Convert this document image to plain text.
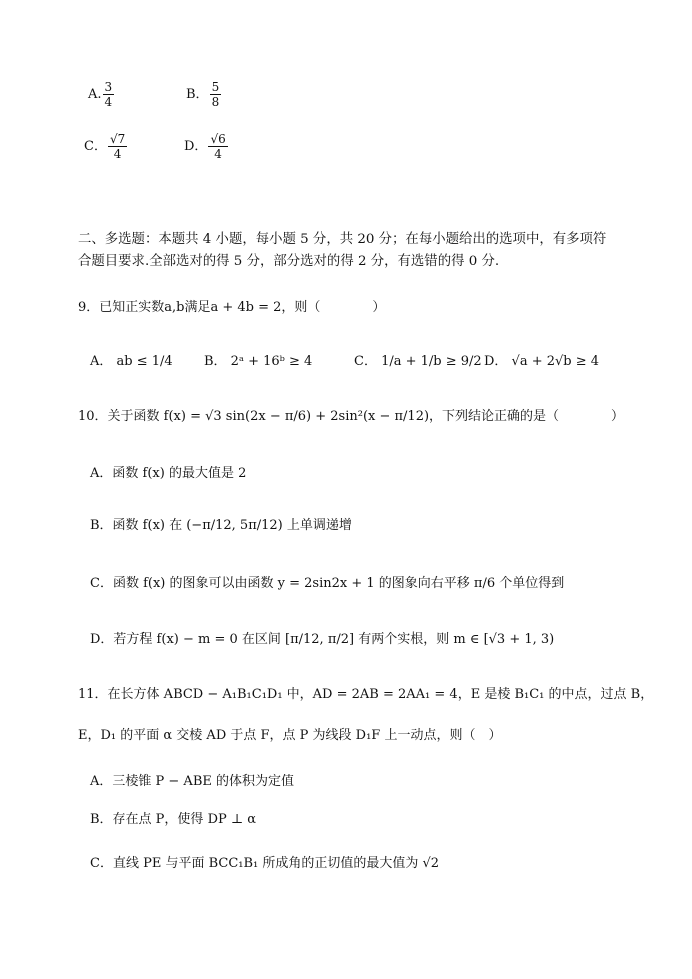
A. $\frac{3}{4}$	B． $\frac{5}{8}$
C． $\frac{√7}{4}$	D． $\frac{√6}{4}$
二、多选题：本题共 4 小题，每小题 5 分，共 20 分；在每小题给出的选项中，有多项符
合题目要求.全部选对的得 5 分，部分选对的得 2 分，有选错的得 0 分.
9．已知正实数a,b满足a + 4b = 2，则（　　　　）
A． ab ≤ 1/4 B． 2ᵃ + 16ᵇ ≥ 4	C． 1/a + 1/b ≥ 9/2 D． √a + 2√b ≥ 4
10．关于函数 f(x) = √3 sin(2x − π/6) + 2sin²(x − π/12)，下列结论正确的是（　　　　）
A．函数 f(x) 的最大值是 2
B．函数 f(x) 在 (−π/12, 5π/12) 上单调递增
C．函数 f(x) 的图象可以由函数 y = 2sin2x + 1 的图象向右平移 π/6 个单位得到
D．若方程 f(x) − m = 0 在区间 [π/12, π/2] 有两个实根，则 m ∈ [√3 + 1, 3)
11．在长方体 ABCD − A₁B₁C₁D₁ 中，AD = 2AB = 2AA₁ = 4，E 是棱 B₁C₁ 的中点，过点 B，
E，D₁ 的平面 α 交棱 AD 于点 F，点 P 为线段 D₁F 上一动点，则（　）
A．三棱锥 P − ABE 的体积为定值
B．存在点 P，使得 DP ⊥ α
C．直线 PE 与平面 BCC₁B₁ 所成角的正切值的最大值为 √2
